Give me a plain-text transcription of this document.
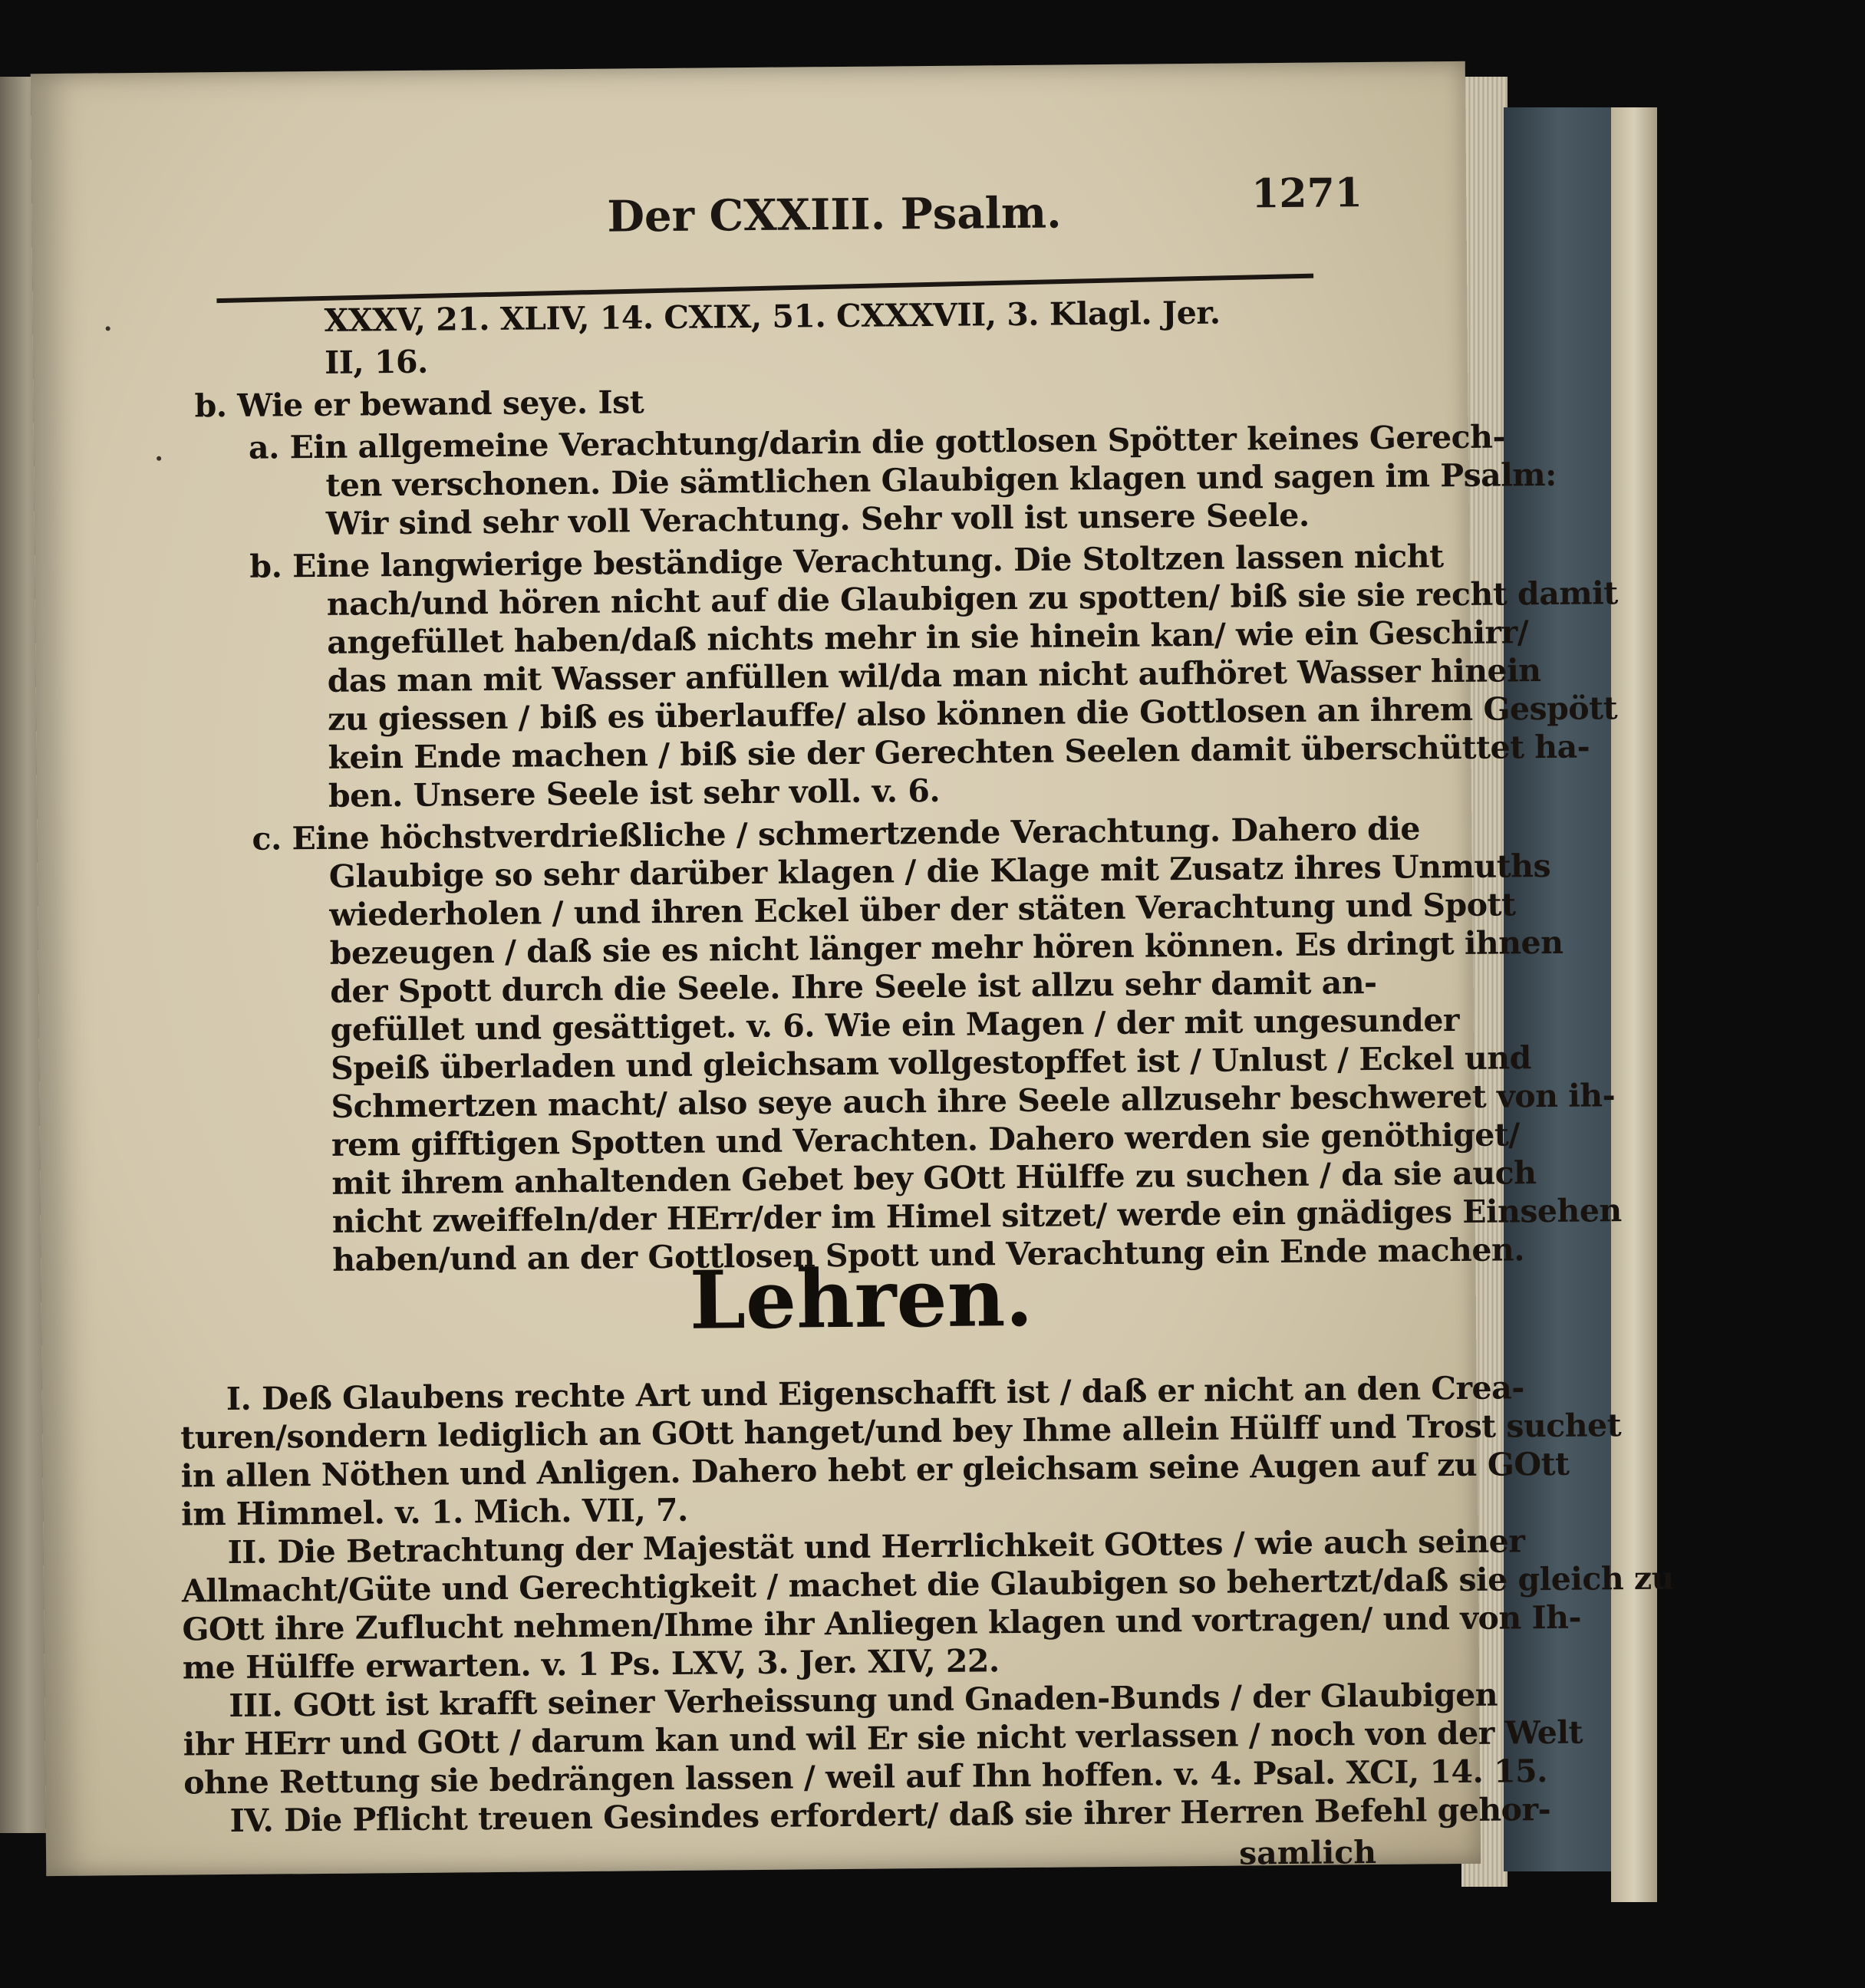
Der CXXIII. Psalm.	1271
XXXV, 21. XLIV, 14. CXIX, 51. CXXXVII, 3. Klagl. Jer.
II, 16.
b. Wie er bewand seye. Ist
a. Ein allgemeine Verachtung/darin die gottlosen Spötter keines Gerech-
ten verschonen. Die sämtlichen Glaubigen klagen und sagen im Psalm:
Wir sind sehr voll Verachtung. Sehr voll ist unsere Seele.
b. Eine langwierige beständige Verachtung. Die Stoltzen lassen nicht
nach/und hören nicht auf die Glaubigen zu spotten/ biß sie sie recht damit
angefüllet haben/daß nichts mehr in sie hinein kan/ wie ein Geschirr/
das man mit Wasser anfüllen wil/da man nicht aufhöret Wasser hinein
zu giessen / biß es überlauffe/ also können die Gottlosen an ihrem Gespött
kein Ende machen / biß sie der Gerechten Seelen damit überschüttet ha-
ben. Unsere Seele ist sehr voll. v. 6.
c. Eine höchstverdrießliche / schmertzende Verachtung. Dahero die
Glaubige so sehr darüber klagen / die Klage mit Zusatz ihres Unmuths
wiederholen / und ihren Eckel über der stäten Verachtung und Spott
bezeugen / daß sie es nicht länger mehr hören können. Es dringt ihnen
der Spott durch die Seele. Ihre Seele ist allzu sehr damit an-
gefüllet und gesättiget. v. 6. Wie ein Magen / der mit ungesunder
Speiß überladen und gleichsam vollgestopffet ist / Unlust / Eckel und
Schmertzen macht/ also seye auch ihre Seele allzusehr beschweret von ih-
rem gifftigen Spotten und Verachten. Dahero werden sie genöthiget/
mit ihrem anhaltenden Gebet bey GOtt Hülffe zu suchen / da sie auch
nicht zweiffeln/der HErr/der im Himel sitzet/ werde ein gnädiges Einsehen
haben/und an der Gottlosen Spott und Verachtung ein Ende machen.
I. Deß Glaubens rechte Art und Eigenschafft ist / daß er nicht an den Crea-
turen/sondern lediglich an GOtt hanget/und bey Ihme allein Hülff und Trost suchet
in allen Nöthen und Anligen. Dahero hebt er gleichsam seine Augen auf zu GOtt
im Himmel. v. 1. Mich. VII, 7.
II. Die Betrachtung der Majestät und Herrlichkeit GOttes / wie auch seiner
Allmacht/Güte und Gerechtigkeit / machet die Glaubigen so behertzt/daß sie gleich zu
GOtt ihre Zuflucht nehmen/Ihme ihr Anliegen klagen und vortragen/ und von Ih-
me Hülffe erwarten. v. 1 Ps. LXV, 3. Jer. XIV, 22.
III. GOtt ist krafft seiner Verheissung und Gnaden-Bunds / der Glaubigen
ihr HErr und GOtt / darum kan und wil Er sie nicht verlassen / noch von der Welt
ohne Rettung sie bedrängen lassen / weil auf Ihn hoffen. v. 4. Psal. XCI, 14. 15.
IV. Die Pflicht treuen Gesindes erfordert/ daß sie ihrer Herren Befehl gehor-
Lehren.
samlich
